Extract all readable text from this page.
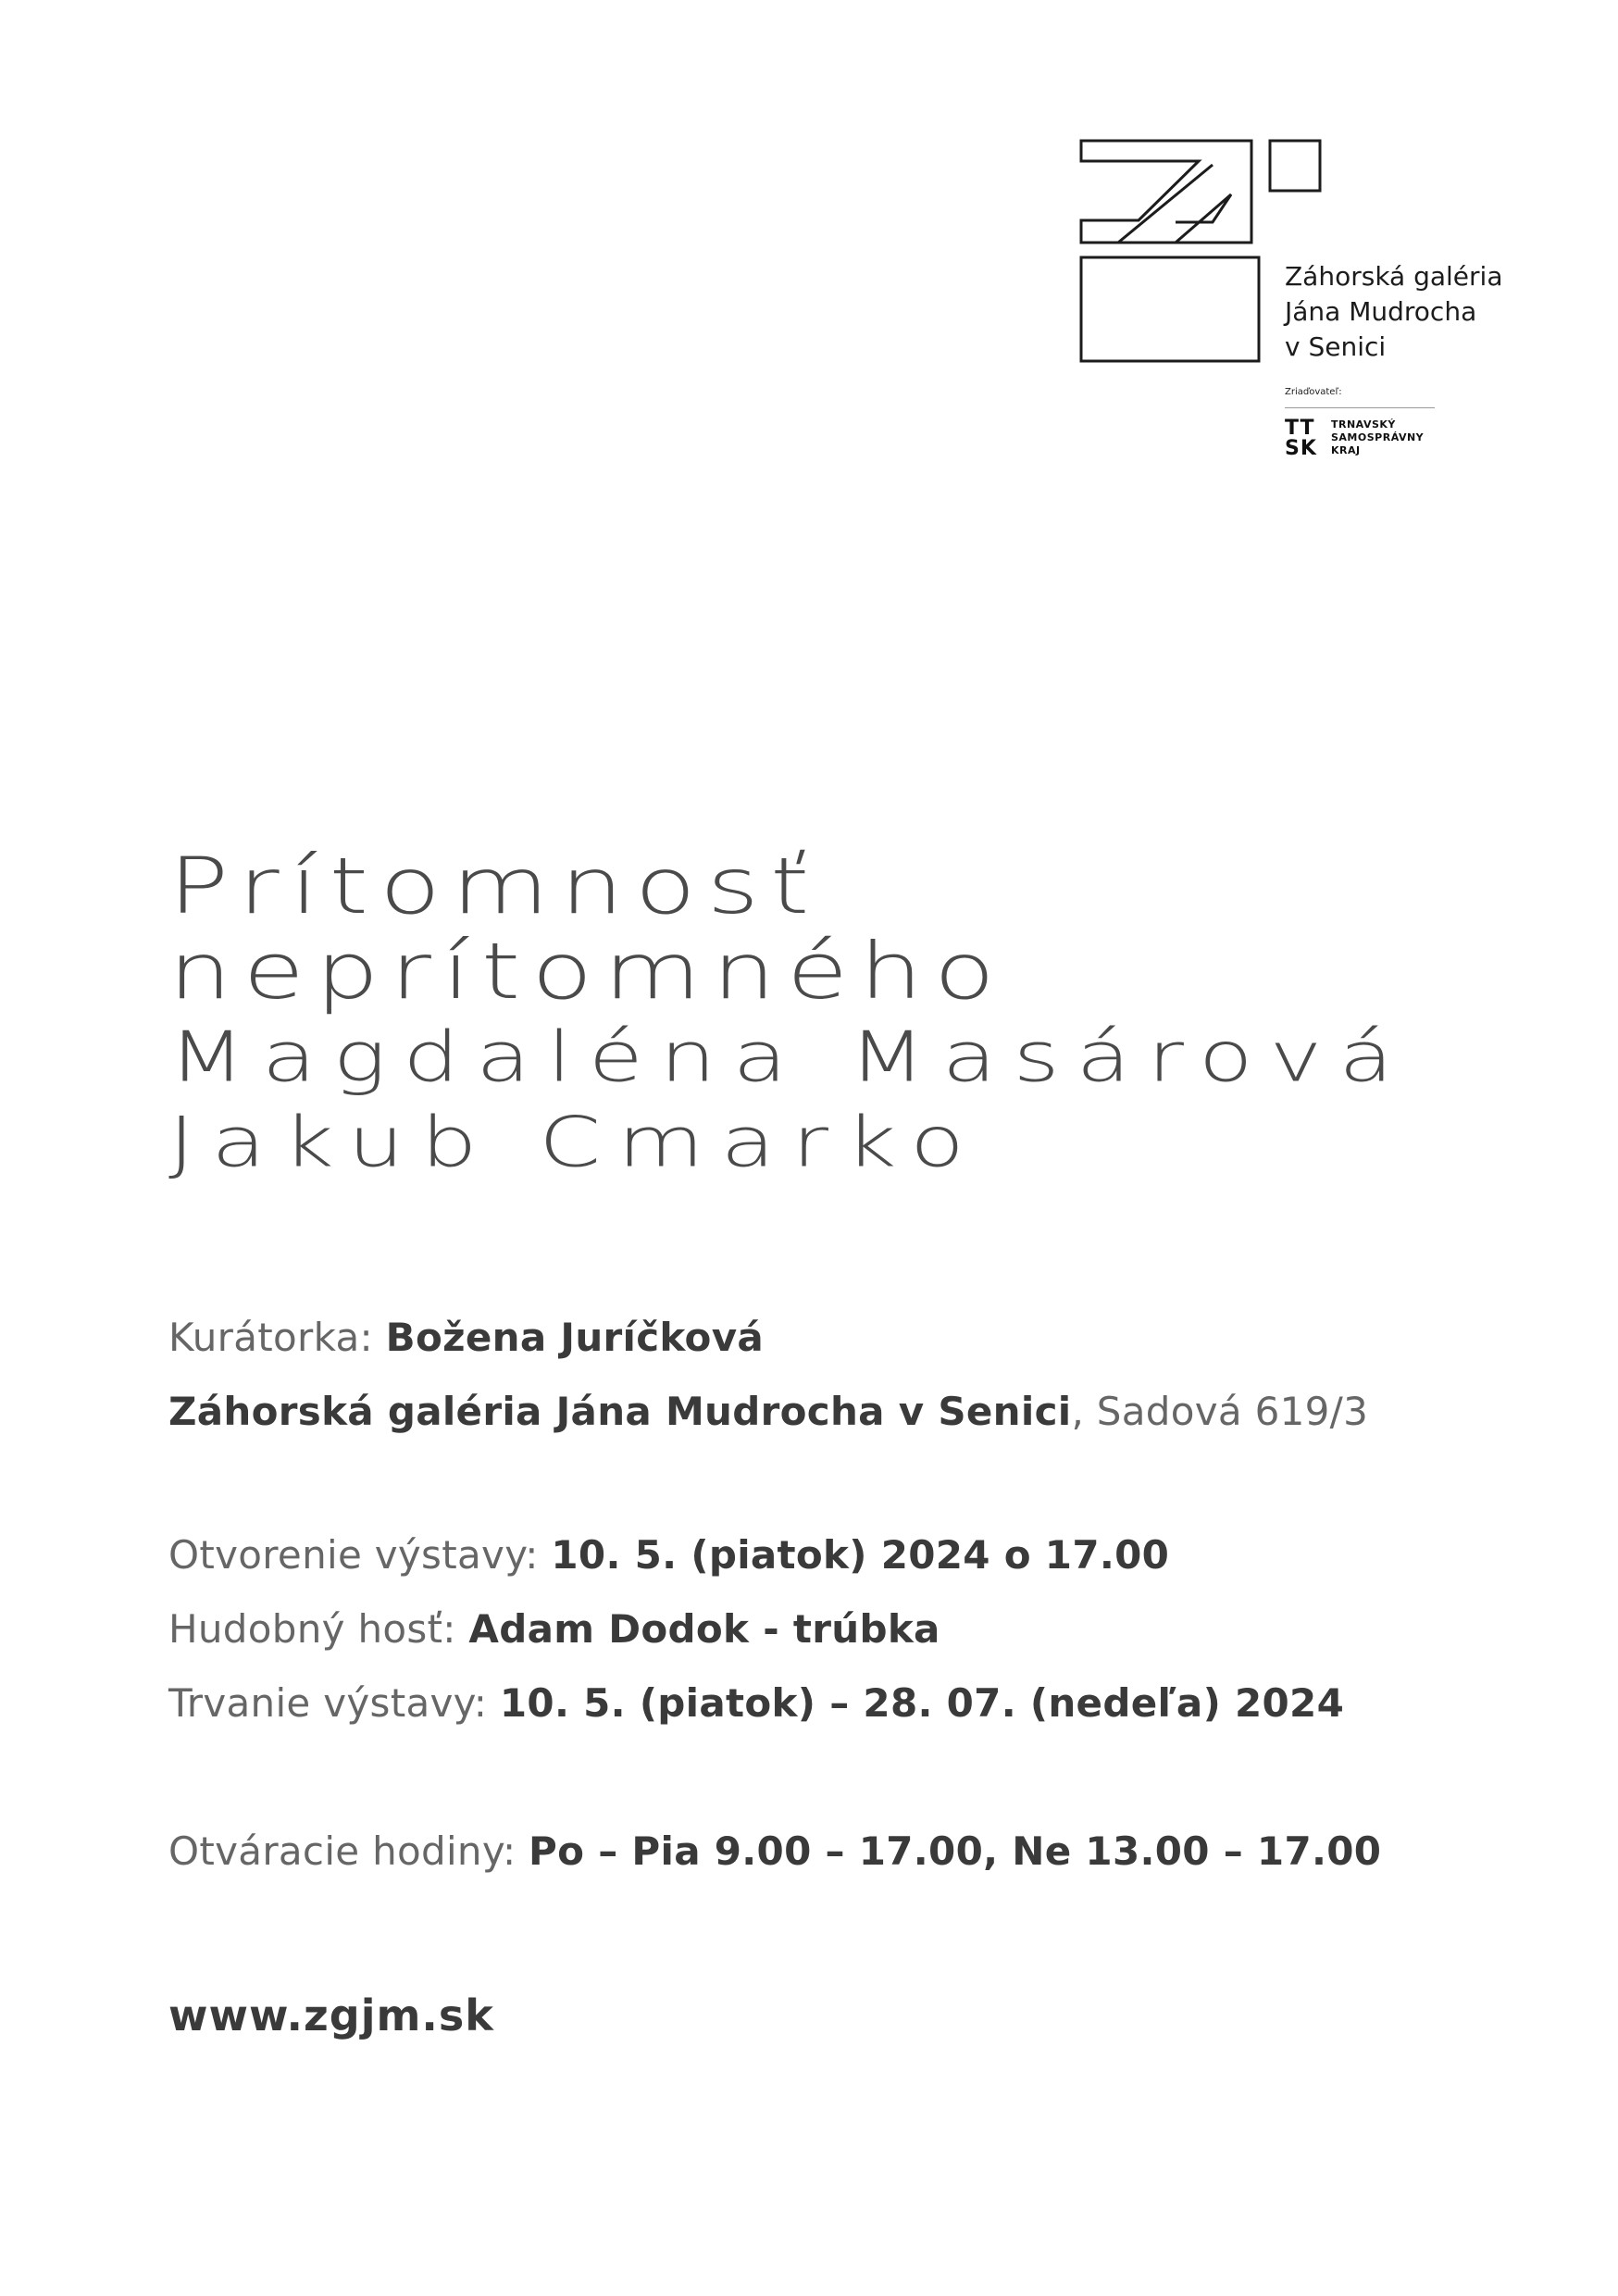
Záhorská galéria
Jána Mudrocha
v Senici
Zriaďovateľ:
TT
SK
TRNAVSKÝ
SAMOSPRÁVNY
KRAJ
Prítomnosť
neprítomného
Magdaléna Masárová
Jakub Cmarko
Kurátorka: Božena Juríčková
Záhorská galéria Jána Mudrocha v Senici, Sadová 619/3
Otvorenie výstavy: 10. 5. (piatok) 2024 o 17.00
Hudobný hosť: Adam Dodok - trúbka
Trvanie výstavy: 10. 5. (piatok) – 28. 07. (nedeľa) 2024
Otváracie hodiny: Po – Pia 9.00 – 17.00, Ne 13.00 – 17.00
www.zgjm.sk
